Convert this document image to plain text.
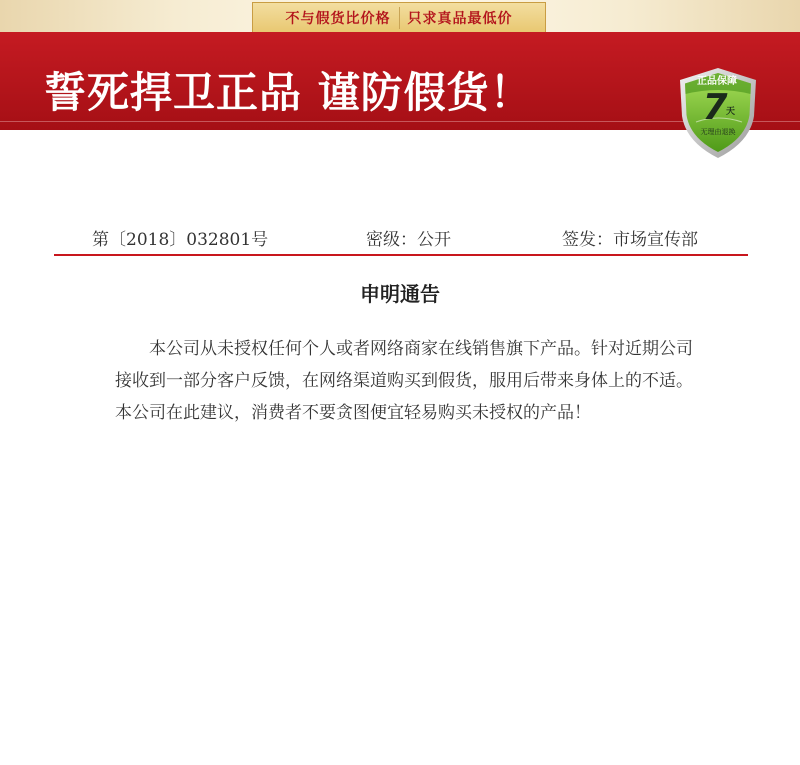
不与假货比价格	只求真品最低价
誓死捍卫正品 谨防假货！	正品保障
7
天
无理由退换
第〔2018〕032801号	密级：公开	签发：市场宣传部
申明通告

本公司从未授权任何个人或者网络商家在线销售旗下产品。针对近期公司接收到一部分客户反馈，在网络渠道购买到假货，服用后带来身体上的不适。本公司在此建议，消费者不要贪图便宜轻易购买未授权的产品！
